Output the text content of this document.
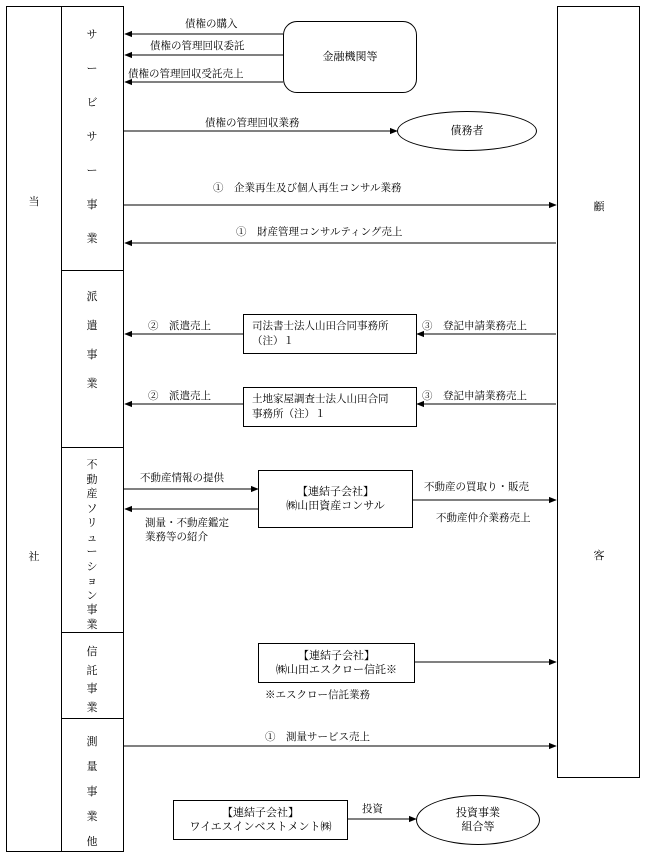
当
社
サ
ー
ビ
サ
ー
事
業
派
遣
事
業
不
動
産
ソ
リ
ュ
ー
シ
ョ
ン
事
業
信
託
事
業
測
量
事
業
他
顧
客
金融機関等
債務者
司法書士法人山田合同事務所
（注）１
土地家屋調査士法人山田合同
事務所（注）１
【連結子会社】
㈱山田資産コンサル
【連結子会社】
㈱山田エスクロー信託※
【連結子会社】
ワイエスインベストメント㈱
投資事業
組合等
債権の購入
債権の管理回収委託
債権の管理回収受託売上
債権の管理回収業務
①　企業再生及び個人再生コンサル業務
①　財産管理コンサルティング売上
②　派遣売上	③　登記申請業務売上
②　派遣売上	③　登記申請業務売上
不動産情報の提供
測量・不動産鑑定
業務等の紹介
不動産の買取り・販売
不動産仲介業務売上
※エスクロー信託業務
①　測量サービス売上
投資
